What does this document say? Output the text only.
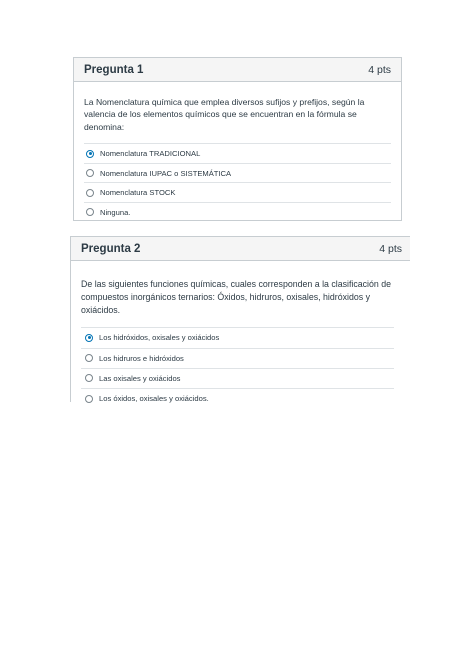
Pregunta 1	4 pts

La Nomenclatura química que emplea diversos sufijos y prefijos, según la valencia de los elementos químicos que se encuentran en la fórmula se denomina:

Nomenclatura TRADICIONAL
Nomenclatura IUPAC o SISTEMÁTICA
Nomenclatura STOCK
Ninguna.
Pregunta 2	4 pts

De las siguientes funciones químicas, cuales corresponden a la clasificación de compuestos inorgánicos ternarios: Óxidos, hidruros, oxisales, hidróxidos y oxiácidos.

Los hidróxidos, oxisales y oxiácidos
Los hidruros e hidróxidos
Las oxisales y oxiácidos
Los óxidos, oxisales y oxiácidos.
